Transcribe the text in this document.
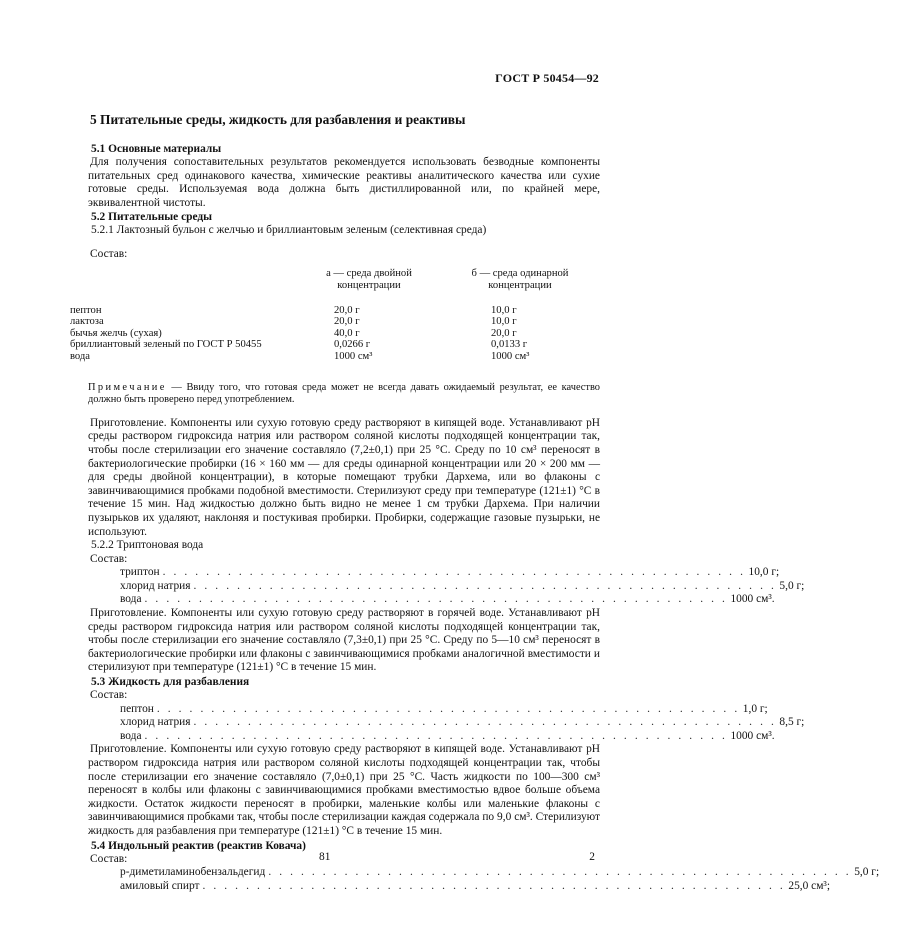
ГОСТ Р 50454—92
5 Питательные среды, жидкость для разбавления и реактивы
5.1 Основные материалы

Для получения сопоставительных результатов рекомендуется использовать безводные компоненты питательных сред одинакового качества, химические реактивы аналитического качества или сухие готовые среды. Используемая вода должна быть дистиллированной или, по крайней мере, эквивалентной чистоты.

5.2 Питательные среды

5.2.1 Лактозный бульон с желчью и бриллиантовым зеленым (селективная среда)

Состав:

а — среда двойной
концентрации
б — среда одинарной
концентрации
пептон	20,0 г	10,0 г
лактоза	20,0 г	10,0 г
бычья желчь (сухая)	40,0 г	20,0 г
бриллиантовый зеленый по ГОСТ Р 50455	0,0266 г	0,0133 г
вода	1000 см³	1000 см³

Примечание — Ввиду того, что готовая среда может не всегда давать ожидаемый результат, ее качество должно быть проверено перед употреблением.

Приготовление. Компоненты или сухую готовую среду растворяют в кипящей воде. Устанавливают pH среды раствором гидроксида натрия или раствором соляной кислоты подходящей концентрации так, чтобы после стерилизации его значение составляло (7,2±0,1) при 25 °С. Среду по 10 см³ переносят в бактериологические пробирки (16 × 160 мм — для среды одинарной концентрации или 20 × 200 мм — для среды двойной концентрации), в которые помещают трубки Дархема, или во флаконы с завинчивающимися пробками подобной вместимости. Стерилизуют среду при температуре (121±1) °С в течение 15 мин. Над жидкостью должно быть видно не менее 1 см трубки Дархема. При наличии пузырьков их удаляют, наклоняя и постукивая пробирки. Пробирки, содержащие газовые пузырьки, не используют.

5.2.2 Триптоновая вода

Состав:

триптон . . . . . . . . . . . . . . . . . . . . . . . . . . . . . . . . . . . . . . . . . . . . . . . . . . . . . . 10,0 г;
хлорид натрия . . . . . . . . . . . . . . . . . . . . . . . . . . . . . . . . . . . . . . . . . . . . . . . . . . . . . . 5,0 г;
вода . . . . . . . . . . . . . . . . . . . . . . . . . . . . . . . . . . . . . . . . . . . . . . . . . . . . . . 1000 см³.

Приготовление. Компоненты или сухую готовую среду растворяют в горячей воде. Устанавливают pH среды раствором гидроксида натрия или раствором соляной кислоты подходящей концентрации так, чтобы после стерилизации его значение составляло (7,3±0,1) при 25 °С. Среду по 5—10 см³ переносят в бактериологические пробирки или флаконы с завинчивающимися пробками аналогичной вместимости и стерилизуют при температуре (121±1) °С в течение 15 мин.

5.3 Жидкость для разбавления

Состав:

пептон . . . . . . . . . . . . . . . . . . . . . . . . . . . . . . . . . . . . . . . . . . . . . . . . . . . . . . 1,0 г;
хлорид натрия . . . . . . . . . . . . . . . . . . . . . . . . . . . . . . . . . . . . . . . . . . . . . . . . . . . . . . 8,5 г;
вода . . . . . . . . . . . . . . . . . . . . . . . . . . . . . . . . . . . . . . . . . . . . . . . . . . . . . . 1000 см³.

Приготовление. Компоненты или сухую готовую среду растворяют в кипящей воде. Устанавливают pH раствором гидроксида натрия или раствором соляной кислоты подходящей концентрации так, чтобы после стерилизации его значение составляло (7,0±0,1) при 25 °С. Часть жидкости по 100—300 см³ переносят в колбы или флаконы с завинчивающимися пробками вместимостью вдвое больше объема жидкости. Остаток жидкости переносят в пробирки, маленькие колбы или маленькие флаконы с завинчивающимися пробками так, чтобы после стерилизации каждая содержала по 9,0 см³. Стерилизуют жидкость для разбавления при температуре (121±1) °С в течение 15 мин.

5.4 Индольный реактив (реактив Ковача)

Состав:

р-диметиламинобензальдегид . . . . . . . . . . . . . . . . . . . . . . . . . . . . . . . . . . . . . . . . . . . . . . . . . . . . . . 5,0 г;
амиловый спирт . . . . . . . . . . . . . . . . . . . . . . . . . . . . . . . . . . . . . . . . . . . . . . . . . . . . . . 25,0 см³;
81	2
